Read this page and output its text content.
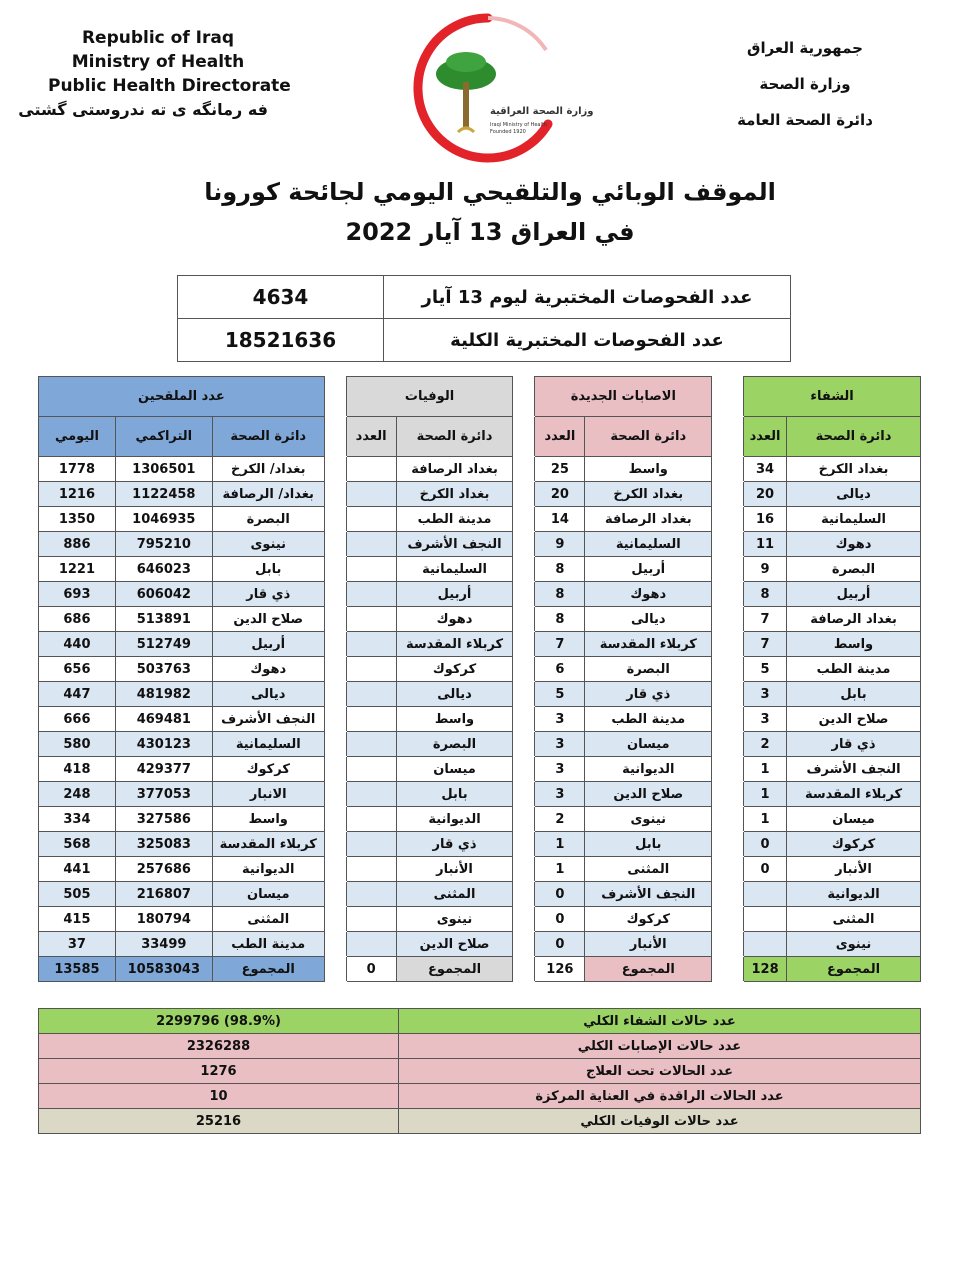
Republic of Iraq
Ministry of Health
Public Health Directorate
فه رمانگه ی ته ندروستی گشتی	وزارة الصحة العراقية
Iraqi Ministry of Health
Founded 1920
جمهورية العراق
وزارة الصحة
دائرة الصحة العامة
الموقف الوبائي والتلقيحي اليومي لجائحة كورونا
في العراق 13 آيار 2022
4634	عدد الفحوصات المختبرية ليوم 13 آيار
18521636	عدد الفحوصات المختبرية الكلية
عدد الملقحين				الوفيات			الاصابات الجديدة			الشفاء	
اليومي	التراكمي	دائرة الصحة		العدد	دائرة الصحة		العدد	دائرة الصحة		العدد	دائرة الصحة
1778	1306501	بغداد/ الكرخ			بغداد الرصافة		25	واسط		34	بغداد الكرخ
1216	1122458	بغداد/ الرصافة			بغداد الكرخ		20	بغداد الكرخ		20	ديالى
1350	1046935	البصرة			مدينة الطب		14	بغداد الرصافة		16	السليمانية
886	795210	نينوى			النجف الأشرف		9	السليمانية		11	دهوك
1221	646023	بابل			السليمانية		8	أربيل		9	البصرة
693	606042	ذي قار			أربيل		8	دهوك		8	أربيل
686	513891	صلاح الدين			دهوك		8	ديالى		7	بغداد الرصافة
440	512749	أربيل			كربلاء المقدسة		7	كربلاء المقدسة		7	واسط
656	503763	دهوك			كركوك		6	البصرة		5	مدينة الطب
447	481982	ديالى			ديالى		5	ذي قار		3	بابل
666	469481	النجف الأشرف			واسط		3	مدينة الطب		3	صلاح الدين
580	430123	السليمانية			البصرة		3	ميسان		2	ذي قار
418	429377	كركوك			ميسان		3	الديوانية		1	النجف الأشرف
248	377053	الانبار			بابل		3	صلاح الدين		1	كربلاء المقدسة
334	327586	واسط			الديوانية		2	نينوى		1	ميسان
568	325083	كربلاء المقدسة			ذي قار		1	بابل		0	كركوك
441	257686	الديوانية			الأنبار		1	المثنى		0	الأنبار
505	216807	ميسان			المثنى		0	النجف الأشرف			الديوانية
415	180794	المثنى			نينوى		0	كركوك			المثنى
37	33499	مدينة الطب			صلاح الدين		0	الأنبار			نينوى
13585	10583043	المجموع		0	المجموع		126	المجموع		128	المجموع
2299796 (98.9%)	عدد حالات الشفاء الكلي
2326288	عدد حالات الإصابات الكلي
1276	عدد الحالات تحت العلاج
10	عدد الحالات الراقدة في العناية المركزة
25216	عدد حالات الوفيات الكلي
